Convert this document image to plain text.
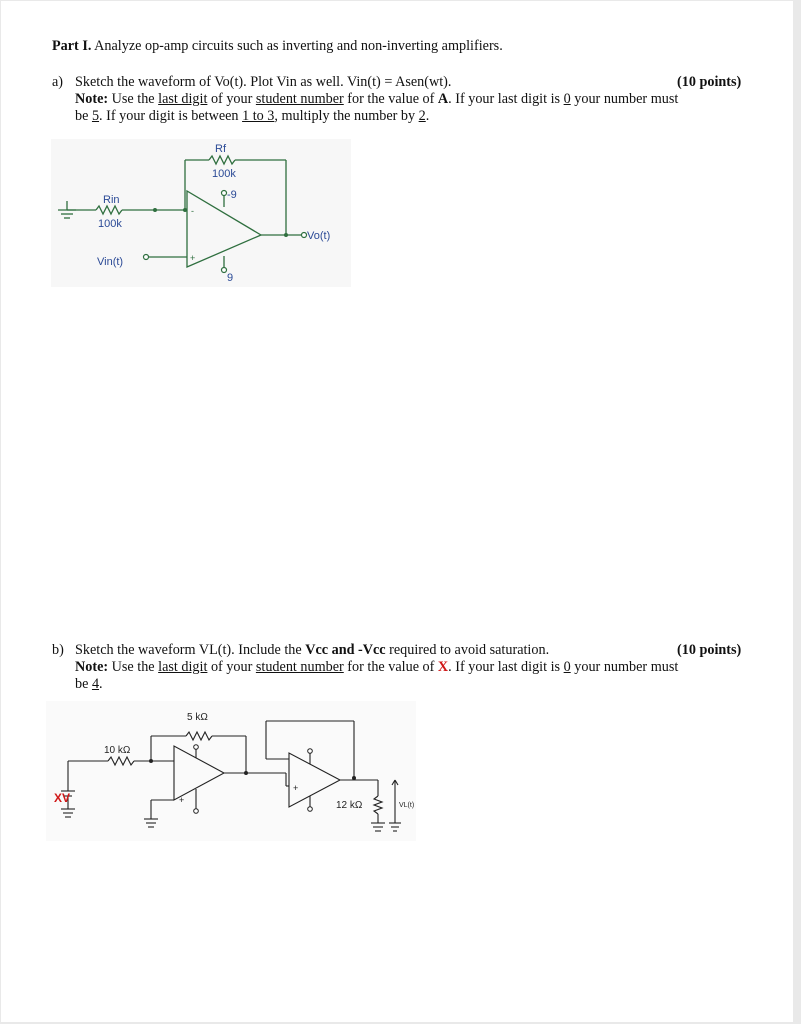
Part I. Analyze op-amp circuits such as inverting and non-inverting amplifiers.
a) Sketch the waveform of Vo(t). Plot Vin as well. Vin(t) = Asen(wt).	(10 points)
Note: Use the last digit of your student number for the value of A. If your last digit is 0 your number must
be 5. If your digit is between 1 to 3, multiply the number by 2.
Rf
100k
Rin
100k
Vin(t)
Vo(t)
-9
9
-
+
b) Sketch the waveform VL(t). Include the Vcc and -Vcc required to avoid saturation.	(10 points)
Note: Use the last digit of your student number for the value of X. If your last digit is 0 your number must
be 4.
5 kΩ
10 kΩ
12 kΩ
+
+
VL(t)
XV
